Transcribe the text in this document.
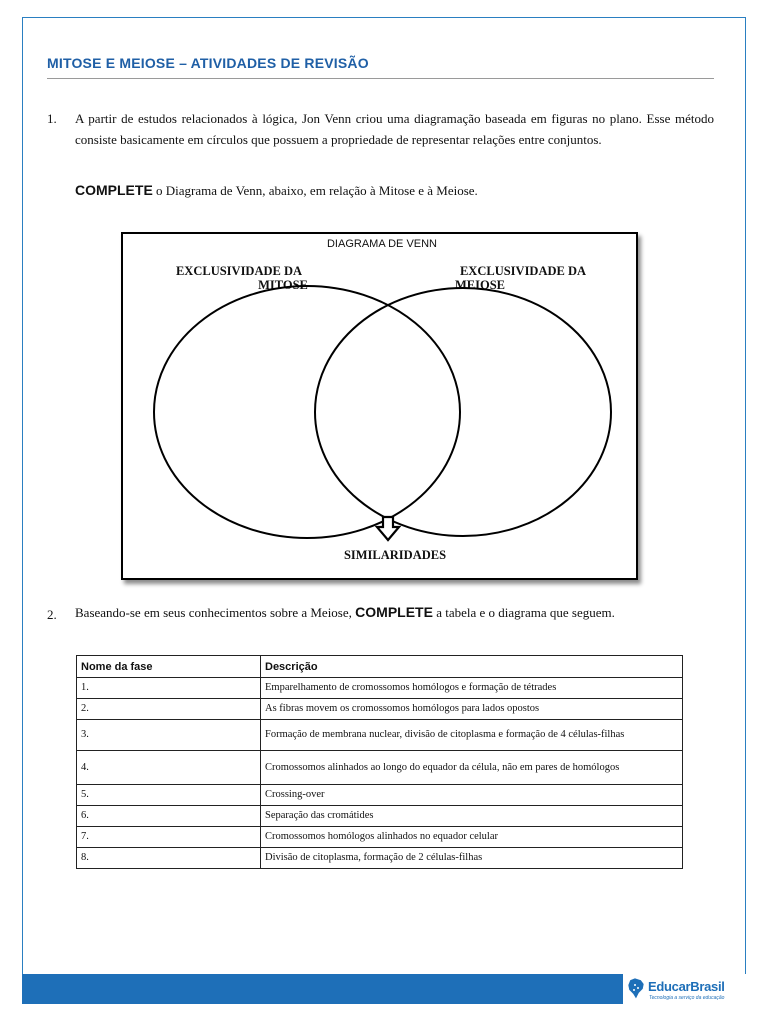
MITOSE E MEIOSE – ATIVIDADES DE REVISÃO
1. A partir de estudos relacionados à lógica, Jon Venn criou uma diagramação baseada em figuras no plano. Esse método consiste basicamente em círculos que possuem a propriedade de representar relações entre conjuntos.
COMPLETE o Diagrama de Venn, abaixo, em relação à Mitose e à Meiose.
DIAGRAMA DE VENN
EXCLUSIVIDADE DA
MITOSE
EXCLUSIVIDADE DA
MEIOSE
SIMILARIDADES
2. Baseando-se em seus conhecimentos sobre a Meiose, COMPLETE a tabela e o diagrama que seguem.
Nome da fase	Descrição
1.	Emparelhamento de cromossomos homólogos e formação de tétrades
2.	As fibras movem os cromossomos homólogos para lados opostos
3.	Formação de membrana nuclear, divisão de citoplasma e formação de 4 células-filhas
4.	Cromossomos alinhados ao longo do equador da célula, não em pares de homólogos
5.	Crossing-over
6.	Separação das cromátides
7.	Cromossomos homólogos alinhados no equador celular
8.	Divisão de citoplasma, formação de 2 células-filhas
EducarBrasil
Tecnologia a serviço da educação
